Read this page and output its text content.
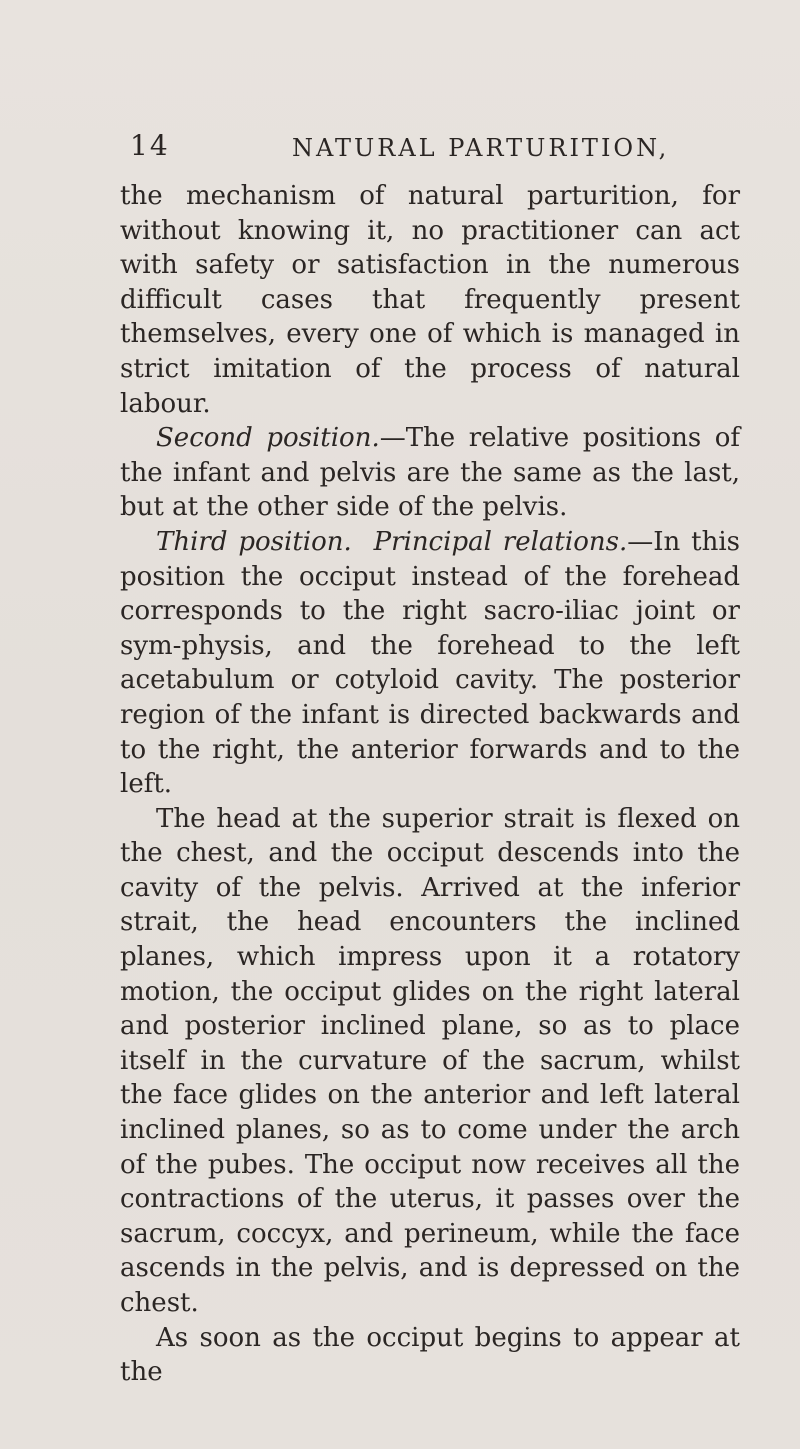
14	NATURAL PARTURITION,

the mechanism of natural parturition, for without knowing it, no practitioner can act with safety or satisfaction in the numerous difficult cases that frequently present themselves, every one of which is managed in strict imitation of the process of natural labour.

Second position.—The relative positions of the infant and pelvis are the same as the last, but at the other side of the pelvis.

Third position. Principal relations.—In this position the occiput instead of the forehead corresponds to the right sacro-iliac joint or sym-physis, and the forehead to the left acetabulum or cotyloid cavity. The posterior region of the infant is directed backwards and to the right, the anterior forwards and to the left.

The head at the superior strait is flexed on the chest, and the occiput descends into the cavity of the pelvis. Arrived at the inferior strait, the head encounters the inclined planes, which impress upon it a rotatory motion, the occiput glides on the right lateral and posterior inclined plane, so as to place itself in the curvature of the sacrum, whilst the face glides on the anterior and left lateral inclined planes, so as to come under the arch of the pubes. The occiput now receives all the contractions of the uterus, it passes over the sacrum, coccyx, and perineum, while the face ascends in the pelvis, and is depressed on the chest.

As soon as the occiput begins to appear at the
